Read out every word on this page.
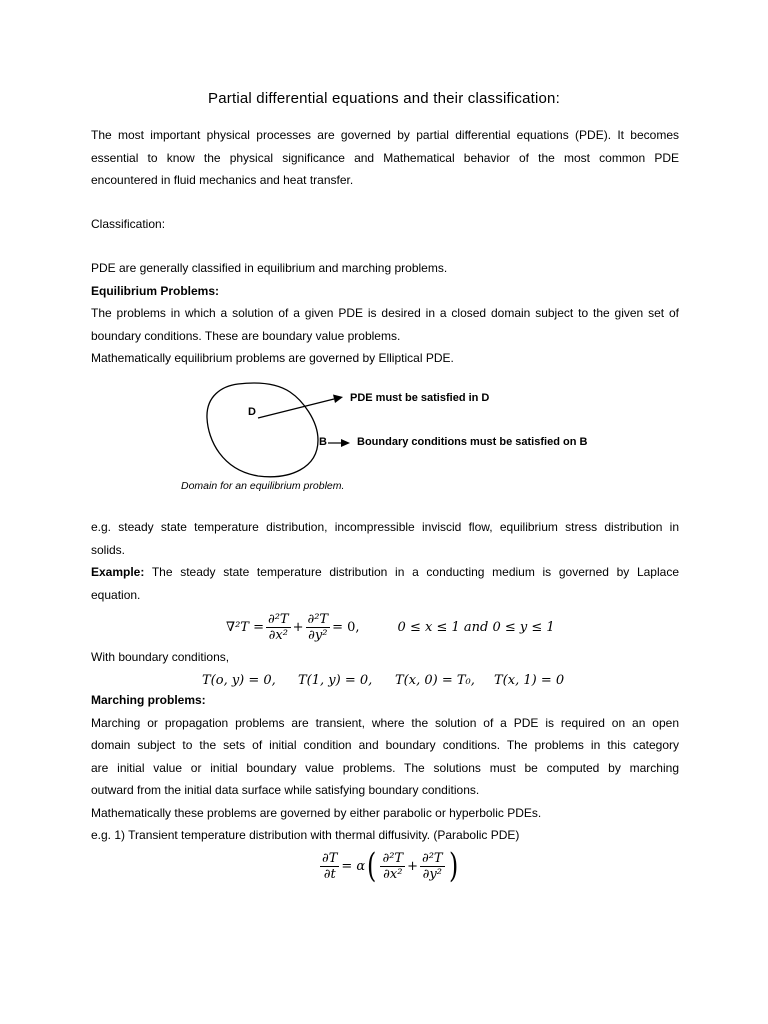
Partial differential equations and their classification:
The most important physical processes are governed by partial differential equations (PDE). It becomes
essential to know the physical significance and Mathematical behavior of the most common PDE
encountered in fluid mechanics and heat transfer.
Classification:
PDE are generally classified in equilibrium and marching problems.
Equilibrium Problems:
The problems in which a solution of a given PDE is desired in a closed domain subject to the given set of
boundary conditions. These are boundary value problems.
Mathematically equilibrium problems are governed by Elliptical PDE.
D
B
PDE must be satisfied in D
Boundary conditions must be satisfied on B
Domain for an equilibrium problem.
e.g. steady state temperature distribution, incompressible inviscid flow, equilibrium stress distribution in
solids.
Example: The steady state temperature distribution in a conducting medium is governed by Laplace
equation.
$\nabla^2T = \frac{\text{∂²T}}{\text{∂x²}} + \frac{\text{∂²T}}{\text{∂y²}} = 0$,	0 ≤ x ≤ 1 and 0 ≤ y ≤ 1
With boundary conditions,
T(o, y) = 0,	T(1, y) = 0,	T(x, 0) = T₀,	T(x, 1) = 0
Marching problems:
Marching or propagation problems are transient, where the solution of a PDE is required on an open
domain subject to the sets of initial condition and boundary conditions. The problems in this category
are initial value or initial boundary value problems. The solutions must be computed by marching
outward from the initial data surface while satisfying boundary conditions.
Mathematically these problems are governed by either parabolic or hyperbolic PDEs.
e.g. 1) Transient temperature distribution with thermal diffusivity. (Parabolic PDE)
$\frac{\partial T}{\partial t} = \alpha$ ( $\frac{\text{∂²T}}{\text{∂x²}} + \frac{\text{∂²T}}{\text{∂y²}}$ )
